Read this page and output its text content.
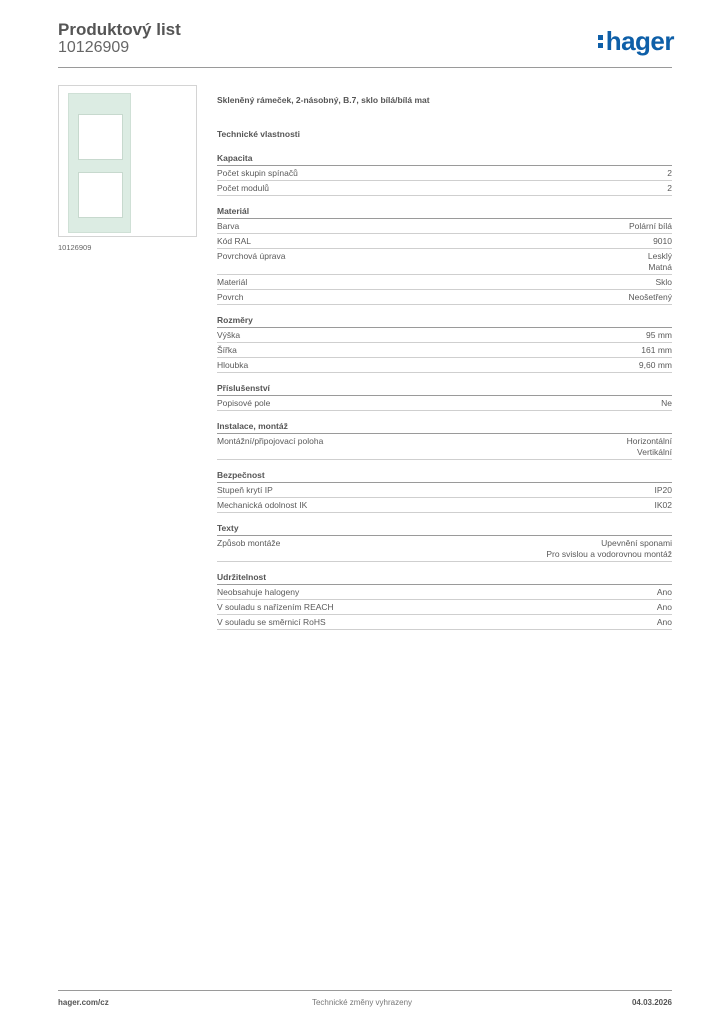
Produktový list
10126909	hager
10126909
Skleněný rámeček, 2-násobný, B.7, sklo bílá/bílá mat
Technické vlastnosti
Kapacita
Počet skupin spínačů	2
Počet modulů	2
Materiál
Barva	Polární bílá
Kód RAL	9010
Povrchová úprava	Lesklý
Matná
Materiál	Sklo
Povrch	Neošetřený
Rozměry
Výška	95 mm
Šířka	161 mm
Hloubka	9,60 mm
Příslušenství
Popisové pole	Ne
Instalace, montáž
Montážní/připojovací poloha	Horizontální
Vertikální
Bezpečnost
Stupeň krytí IP	IP20
Mechanická odolnost IK	IK02
Texty
Způsob montáže	Upevnění sponami
Pro svislou a vodorovnou montáž
Udržitelnost
Neobsahuje halogeny	Ano
V souladu s nařízením REACH	Ano
V souladu se směrnicí RoHS	Ano
hager.com/cz	Technické změny vyhrazeny	04.03.2026
